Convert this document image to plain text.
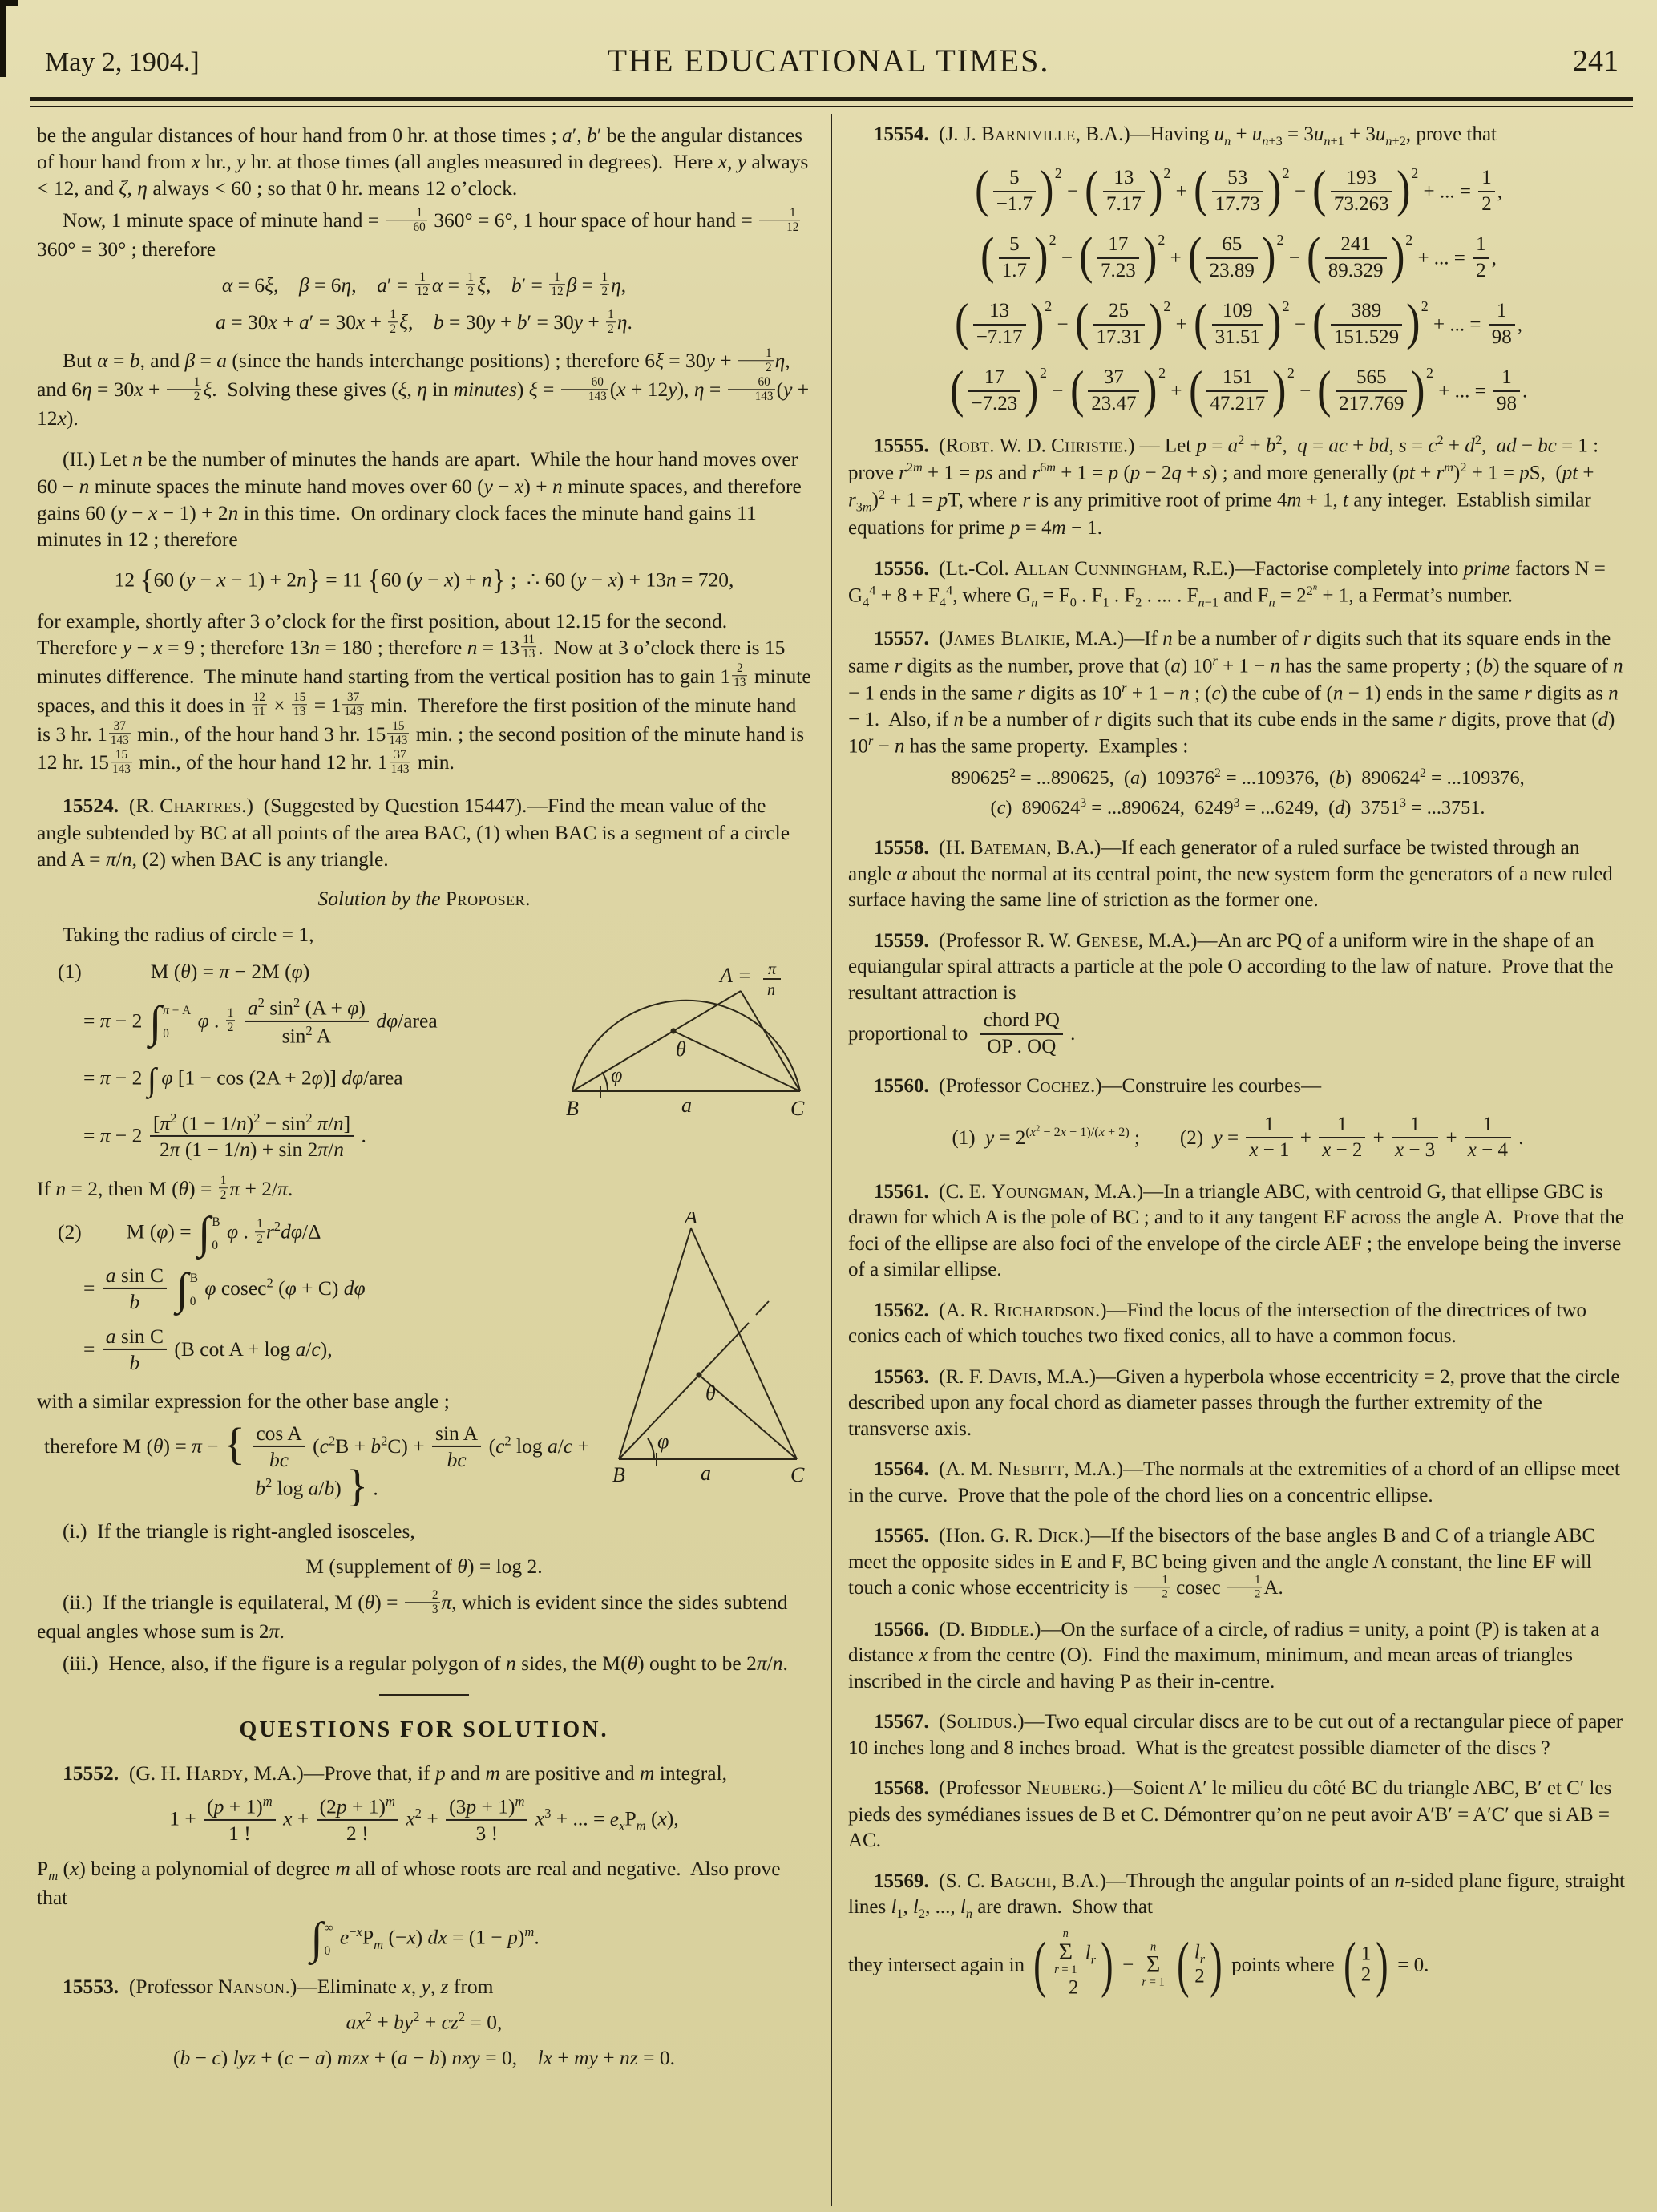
May 2, 1904.]	THE EDUCATIONAL TIMES.	241
be the angular distances of hour hand from 0 hr. at those times ; a′, b′ be the angular distances of hour hand from x hr., y hr. at those times (all angles measured in degrees).  Here x, y always < 12, and ζ, η always < 60 ; so that 0 hr. means 12 o’clock.
Now, 1 minute space of minute hand = $\frac{1}{60} 360^\circ = 6^\circ$, 1 hour space of hour hand = $\frac{1}{12}$
360° = 30° ; therefore
α = 6ξ,  β = 6η,  $a' = \frac{1}{12}$ $\alpha = \frac{1}{2} \xi$,  $b' = \frac{1}{12}$ $\beta = \frac{1}{2} \eta$,
$a = 30x + a' = 30x + \frac{1}{2} \xi$,  $b = 30y + b' = 30y + \frac{1}{2} \eta$.
But α = b, and β = a (since the hands interchange positions) ; therefore $6\xi = 30y + \frac{1}{2} \eta$, and $6\eta = 30x + \frac{1}{2} \xi$.  Solving these gives (ξ, η in minutes) $\xi = \frac{60}{143} (x + 12y)$, $\eta = \frac{60}{143} (y + 12x)$.
(II.) Let n be the number of minutes the hands are apart.  While the hour hand moves over 60 − n minute spaces the minute hand moves over 60 (y − x) + n minute spaces, and therefore gains 60 (y − x − 1) + 2n in this time.  On ordinary clock faces the minute hand gains 11 minutes in 12 ; therefore
12 {60 (y − x − 1) + 2n} = 11 {60 (y − x) + n} ; ∴ 60 (y − x) + 13n = 720,
for example, shortly after 3 o’clock for the first position, about 12.15 for the second.  Therefore y − x = 9 ; therefore 13n = 180 ; therefore $n = 13 \frac{11}{13}$ .  Now at 3 o’clock there is 15 minutes difference.  The minute hand starting from the vertical position has to gain $1 \frac{2}{13}$ minute spaces, and this it does in $\frac{12}{11} \times \frac{15}{13} = 1 \frac{37}{143} \min$.  Therefore the first position of the minute hand is 3 hr. $1 \frac{37}{143} \min$., of the hour hand 3 hr. $15 \frac{15}{143} \min$. ; the second position of the minute hand is 12 hr. $15 \frac{15}{143} \min$., of the hour hand 12 hr. $1 \frac{37}{143} \min$.
15524.  (R. Chartres.)  (Suggested by Question 15447).—Find the mean value of the angle subtended by BC at all points of the area BAC, (1) when BAC is a segment of a circle and A = π/n, (2) when BAC is any triangle.
Solution by the Proposer.
Taking the radius of circle = 1,
θ
φ
B	C
a
A = π
n
(1)	M (θ) = π − 2M (φ)
= π − 2 ∫ π − A
0
φ . $\frac{1}{2}$
$\frac{a^2 \sin^2 (A + \varphi)}{\sin^2 A}$ dφ/area
= π − 2 ∫ φ [1 − cos (2A + 2φ)] dφ/area
= $\pi - 2 \frac{[\pi^2 (1 - 1/n)^2 - \sin^2 \pi/n]}{2\pi (1 - 1/n) + \sin 2\pi/n}$ .
If n = 2, then M $(\theta) = \frac{1}{2}$ π + 2/π.
θ
φ
A
B	C
a
(2) M (φ) = ∫ B
0
φ . $\frac{1}{2} r^2d\varphi/\Delta$
= $\frac{\text{a sin C}}{b}$
∫ B
0
φ cosec$^2$ (φ + C) dφ
= $\frac{\text{a sin C}}{b} (B$ cot A + log a/c),
with a similar expression for the other base angle ;
therefore M (θ) = π − { $\frac{\text{cos A}}{bc} (c^2B + b^2C) + \frac{\text{sin A}}{bc} (c^2$ $\log a/c + b^2$ log a/b) } .
(i.)  If the triangle is right-angled isosceles,
M (supplement of θ) = log 2.
(ii.)  If the triangle is equilateral, M $(\theta) = \frac{2}{3} \pi$, which is evident since the sides subtend equal angles whose sum is 2π.
(iii.)  Hence, also, if the figure is a regular polygon of n sides, the M(θ) ought to be 2π/n.
QUESTIONS FOR SOLUTION.
15552.  (G. H. Hardy, M.A.)—Prove that, if p and m are positive and m integral,
$1 + \frac{(p + 1)^m}{1 !}$ $x + \frac{(2p + 1)^m}{2 !} x^2 + \frac{(3p + 1)^m}{3 !} x^3$ + ... = $e_xP_m$ (x),
$P_m$ (x) being a polynomial of degree m all of whose roots are real and negative.  Also prove that
∫ ∞
0
$e^{-x}P_m$ (−x) dx = $(1 - p)^m$.
15553.  (Professor Nanson.)—Eliminate x, y, z from
$ax^2 + by^2 + cz^2 = 0$,
(b − c) lyz + (c − a) mzx + (a − b) nxy = 0,  lx + my + nz = 0.
15554.  (J. J. Barniville, B.A.)—Having $u_n + u_{n+3} = 3u_{n+1} + 3u_{n+2}$, prove that
( $\frac{5}{-1.7} )^2$ − ( $\frac{13}{7.17} )^2$ + ( $\frac{53}{17.73} )^2$ − ( $\frac{193}{73.263} )^2$ + ... = $\frac{1}{2}$ ,
( $\frac{5}{1.7} )^2$ − ( $\frac{17}{7.23} )^2$ + ( $\frac{65}{23.89} )^2$ − ( $\frac{241}{89.329} )^2$ + ... = $\frac{1}{2}$ ,
( $\frac{13}{-7.17} )^2$ − ( $\frac{25}{17.31} )^2$ + ( $\frac{109}{31.51} )^2$ − ( $\frac{389}{151.529} )^2$ + ... = $\frac{1}{98}$ ,
( $\frac{17}{-7.23} )^2$ − ( $\frac{37}{23.47} )^2$ + ( $\frac{151}{47.217} )^2$ − ( $\frac{565}{217.769} )^2$ + ... = $\frac{1}{98}$ .
15555.  (Robt. W. D. Christie.) — Let $p = a^2 + b^2$, q = ac + bd, $s = c^2 + d^2$, ad − bc = 1 : prove $r^{2m} + 1$ = ps and $r^{6m} + 1 = p$ (p − 2q + s) ; and more generally $(pt + r^m)^2 + 1$ = pS, $(pt + r_{3m})^2 + 1$ = pT, where r is any primitive root of prime 4m + 1, t any integer.  Establish similar equations for prime p = 4m − 1.
15556.  (Lt.-Col. Allan Cunningham, R.E.)—Factorise completely into prime factors $N = G_4^4 + 8 + F_4^4$, where $G_n = F_0$ . $F_1$ . $F_2$ . ... . $F_{n-1}$ and $F_n = 2^{2^n} + 1$, a Fermat’s number.
15557.  (James Blaikie, M.A.)—If n be a number of r digits such that its square ends in the same r digits as the number, prove that (a) $10^r + 1 - n$ has the same property ; (b) the square of n − 1 ends in the same r digits as $10^r + 1 - n$ ; (c) the cube of (n − 1) ends in the same r digits as n − 1.  Also, if n be a number of r digits such that its cube ends in the same r digits, prove that (d) $10^r - n$ has the same property.  Examples :
$890625^2 = ...890625$, (a) $109376^2 = ...109376$, (b) $890624^2 = ...109376$,
(c) $890624^3 = ...890624$, $6249^3 = ...6249$, (d) $3751^3 = ...3751$.
15558.  (H. Bateman, B.A.)—If each generator of a ruled surface be twisted through an angle α about the normal at its central point, the new system form the generators of a new ruled surface having the same line of striction as the former one.
15559.  (Professor R. W. Genese, M.A.)—An arc PQ of a uniform wire in the shape of an equiangular spiral attracts a particle at the pole O according to the law of nature.  Prove that the resultant attraction is
proportional to 
chord PQ
OP . OQ
.
15560.  (Professor Cochez.)—Construire les courbes—
(1) $y = 2^{(x^2 - 2x - 1)/(x + 2)}$ ;  (2) $y = \frac{1}{x - 1} + \frac{1}{x - 2} + \frac{1}{x - 3} + \frac{1}{x - 4}$ .
15561.  (C. E. Youngman, M.A.)—In a triangle ABC, with centroid G, that ellipse GBC is drawn for which A is the pole of BC ; and to it any tangent EF across the angle A.  Prove that the foci of the ellipse are also foci of the envelope of the circle AEF ; the envelope being the inverse of a similar ellipse.
15562.  (A. R. Richardson.)—Find the locus of the intersection of the directrices of two conics each of which touches two fixed conics, all to have a common focus.
15563.  (R. F. Davis, M.A.)—Given a hyperbola whose eccentricity = 2, prove that the circle described upon any focal chord as diameter passes through the further extremity of the transverse axis.
15564.  (A. M. Nesbitt, M.A.)—The normals at the extremities of a chord of an ellipse meet in the curve.  Prove that the pole of the chord lies on a concentric ellipse.
15565.  (Hon. G. R. Dick.)—If the bisectors of the base angles B and C of a triangle ABC meet the opposite sides in E and F, BC being given and the angle A constant, the line EF will touch a conic whose eccentricity is $\frac{1}{2}$ cosec $\frac{1}{2} A$.
15566.  (D. Biddle.)—On the surface of a circle, of radius = unity, a point (P) is taken at a distance x from the centre (O).  Find the maximum, minimum, and mean areas of triangles inscribed in the circle and having P as their in-centre.
15567.  (Solidus.)—Two equal circular discs are to be cut out of a rectangular piece of paper 10 inches long and 8 inches broad.  What is the greatest possible diameter of the discs ?
15568.  (Professor Neuberg.)—Soient A′ le milieu du côté BC du triangle ABC, B′ et C′ les pieds des symédianes issues de B et C. Démontrer qu’on ne peut avoir A′B′ = A′C′ que si AB = AC.
15569.  (S. C. Bagchi, B.A.)—Through the angular points of an n-sided plane figure, straight lines $l_1$, $l_2$, ..., $l_n$ are drawn.  Show that
they intersect again in ( n
Σ
r = 1
$l_r$
2 ) −
n
Σ
r = 1
( $l_r$
2 ) points where ( 1
2 ) = 0.
